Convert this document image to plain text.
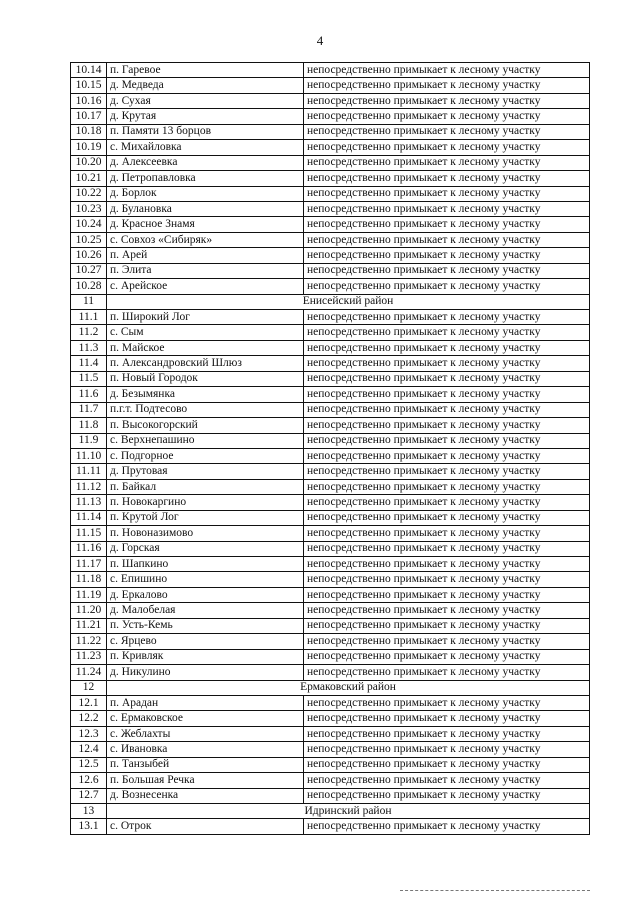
4
10.14	п. Гаревое	непосредственно примыкает к лесному участку
10.15	д. Медведа	непосредственно примыкает к лесному участку
10.16	д. Сухая	непосредственно примыкает к лесному участку
10.17	д. Крутая	непосредственно примыкает к лесному участку
10.18	п. Памяти 13 борцов	непосредственно примыкает к лесному участку
10.19	с. Михайловка	непосредственно примыкает к лесному участку
10.20	д. Алексеевка	непосредственно примыкает к лесному участку
10.21	д. Петропавловка	непосредственно примыкает к лесному участку
10.22	д. Борлок	непосредственно примыкает к лесному участку
10.23	д. Булановка	непосредственно примыкает к лесному участку
10.24	д. Красное Знамя	непосредственно примыкает к лесному участку
10.25	с. Совхоз «Сибиряк»	непосредственно примыкает к лесному участку
10.26	п. Арей	непосредственно примыкает к лесному участку
10.27	п. Элита	непосредственно примыкает к лесному участку
10.28	с. Арейское	непосредственно примыкает к лесному участку
11	Енисейский район	
11.1	п. Широкий Лог	непосредственно примыкает к лесному участку
11.2	с. Сым	непосредственно примыкает к лесному участку
11.3	п. Майское	непосредственно примыкает к лесному участку
11.4	п. Александровский Шлюз	непосредственно примыкает к лесному участку
11.5	п. Новый Городок	непосредственно примыкает к лесному участку
11.6	д. Безымянка	непосредственно примыкает к лесному участку
11.7	п.г.т. Подтесово	непосредственно примыкает к лесному участку
11.8	п. Высокогорский	непосредственно примыкает к лесному участку
11.9	с. Верхнепашино	непосредственно примыкает к лесному участку
11.10	с. Подгорное	непосредственно примыкает к лесному участку
11.11	д. Прутовая	непосредственно примыкает к лесному участку
11.12	п. Байкал	непосредственно примыкает к лесному участку
11.13	п. Новокаргино	непосредственно примыкает к лесному участку
11.14	п. Крутой Лог	непосредственно примыкает к лесному участку
11.15	п. Новоназимово	непосредственно примыкает к лесному участку
11.16	д. Горская	непосредственно примыкает к лесному участку
11.17	п. Шапкино	непосредственно примыкает к лесному участку
11.18	с. Епишино	непосредственно примыкает к лесному участку
11.19	д. Еркалово	непосредственно примыкает к лесному участку
11.20	д. Малобелая	непосредственно примыкает к лесному участку
11.21	п. Усть-Кемь	непосредственно примыкает к лесному участку
11.22	с. Ярцево	непосредственно примыкает к лесному участку
11.23	п. Кривляк	непосредственно примыкает к лесному участку
11.24	д. Никулино	непосредственно примыкает к лесному участку
12	Ермаковский район	
12.1	п. Арадан	непосредственно примыкает к лесному участку
12.2	с. Ермаковское	непосредственно примыкает к лесному участку
12.3	с. Жеблахты	непосредственно примыкает к лесному участку
12.4	с. Ивановка	непосредственно примыкает к лесному участку
12.5	п. Танзыбей	непосредственно примыкает к лесному участку
12.6	п. Большая Речка	непосредственно примыкает к лесному участку
12.7	д. Вознесенка	непосредственно примыкает к лесному участку
13	Идринский район	
13.1	с. Отрок	непосредственно примыкает к лесному участку
